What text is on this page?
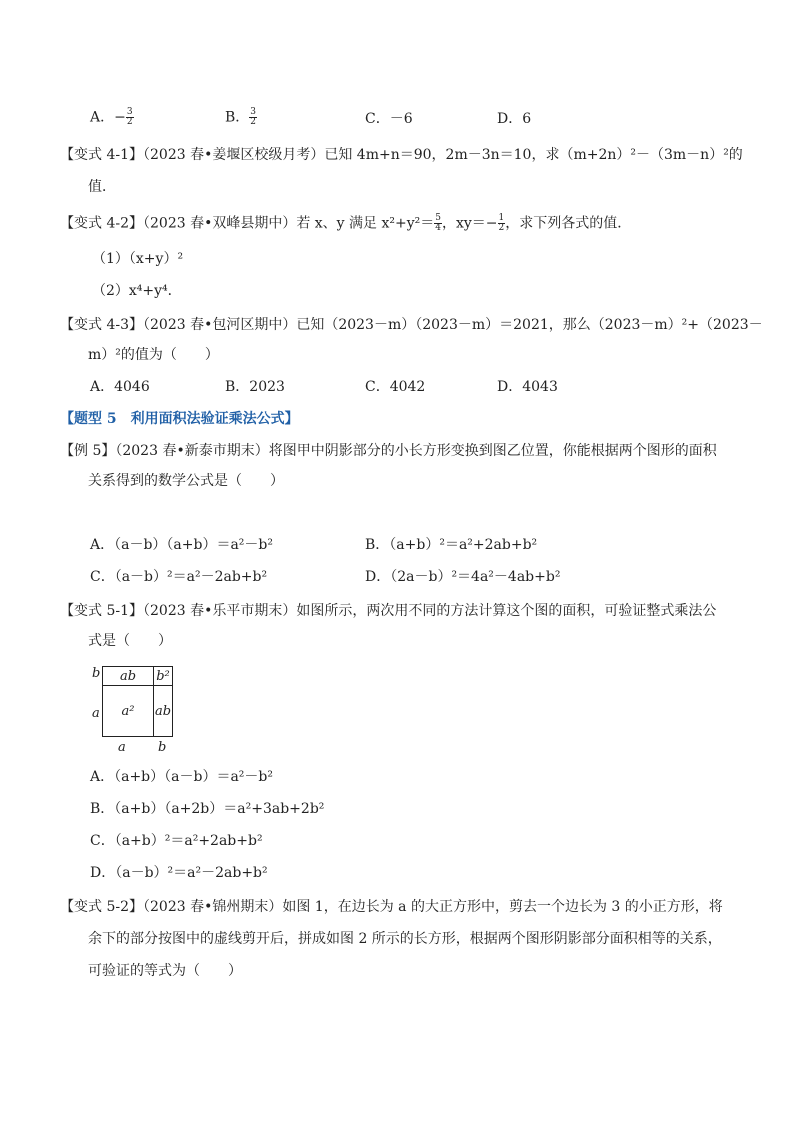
A．− $\frac{3}{2}$	B． $\frac{3}{2}$	C．－6	D．6
【变式 4-1】（2023 春•姜堰区校级月考）已知 4m+n＝90，2m－3n＝10，求（m+2n）²－（3m－n）²的
值．
【变式 4-2】（2023 春•双峰县期中）若 x、y 满足 $x^2+y^2= \frac{5}{4}$ ，$xy=- \frac{1}{2}$ ，求下列各式的值．
（1）（x+y）²
（2）x⁴+y⁴．
【变式 4-3】（2023 春•包河区期中）已知（2023－m）（2023－m）＝2021，那么（2023－m）²+（2023－
m）²的值为（　　）
A．4046	B．2023	C．4042	D．4043
【题型 5　利用面积法验证乘法公式】
【例 5】（2023 春•新泰市期末）将图甲中阴影部分的小长方形变换到图乙位置，你能根据两个图形的面积
关系得到的数学公式是（　　）
A．（a－b）（a+b）＝a²－b²	B．（a+b）²＝a²+2ab+b²
C．（a－b）²＝a²－2ab+b²	D．（2a－b）²＝4a²－4ab+b²
【变式 5-1】（2023 春•乐平市期末）如图所示，两次用不同的方法计算这个图的面积，可验证整式乘法公
式是（　　）
b
a
ab	b²
a²	ab
a b
A．（a+b）（a－b）＝a²－b²
B．（a+b）（a+2b）＝a²+3ab+2b²
C．（a+b）²＝a²+2ab+b²
D．（a－b）²＝a²－2ab+b²
【变式 5-2】（2023 春•锦州期末）如图 1，在边长为 a 的大正方形中，剪去一个边长为 3 的小正方形，将
余下的部分按图中的虚线剪开后，拼成如图 2 所示的长方形，根据两个图形阴影部分面积相等的关系，
可验证的等式为（　　）
